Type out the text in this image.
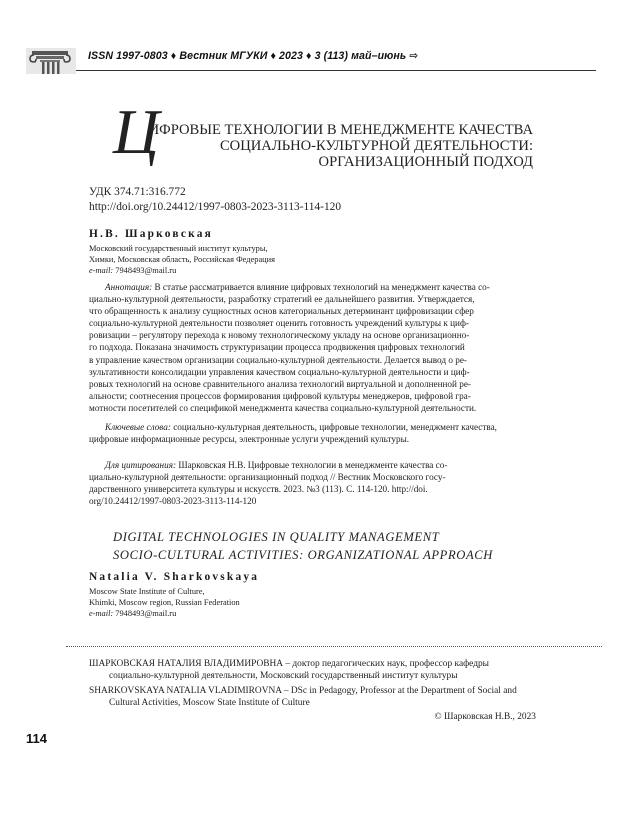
ISSN 1997-0803 ♦ Вестник МГУКИ ♦ 2023 ♦ 3 (113) май–июнь ⇨
Ц
ИФРОВЫЕ ТЕХНОЛОГИИ В МЕНЕДЖМЕНТЕ КАЧЕСТВА
СОЦИАЛЬНО-КУЛЬТУРНОЙ ДЕЯТЕЛЬНОСТИ:
ОРГАНИЗАЦИОННЫЙ ПОДХОД
УДК 374.71:316.772
http://doi.org/10.24412/1997-0803-2023-3113-114-120
Н.В. Шарковская
Московский государственный институт культуры,
Химки, Московская область, Российская Федерация
e-mail: 7948493@mail.ru
Аннотация: В статье рассматривается влияние цифровых технологий на менеджмент качества со-
циально-культурной деятельности, разработку стратегий ее дальнейшего развития. Утверждается,
что обращенность к анализу сущностных основ категориальных детерминант цифровизации сфер
социально-культурной деятельности позволяет оценить готовность учреждений культуры к циф-
ровизации – регулятору перехода к новому технологическому укладу на основе организационно-
го подхода. Показана значимость структуризации процесса продвижения цифровых технологий
в управление качеством организации социально-культурной деятельности. Делается вывод о ре-
зультативности консолидации управления качеством социально-культурной деятельности и циф-
ровых технологий на основе сравнительного анализа технологий виртуальной и дополненной ре-
альности; соотнесения процессов формирования цифровой культуры менеджеров, цифровой гра-
мотности посетителей со спецификой менеджмента качества социально-культурной деятельности.
Ключевые слова: социально-культурная деятельность, цифровые технологии, менеджмент качества,
цифровые информационные ресурсы, электронные услуги учреждений культуры.
Для цитирования: Шарковская Н.В. Цифровые технологии в менеджменте качества со-
циально-культурной деятельности: организационный подход // Вестник Московского госу-
дарственного университета культуры и искусств. 2023. №3 (113). С. 114-120. http://doi.
org/10.24412/1997-0803-2023-3113-114-120
DIGITAL TECHNOLOGIES IN QUALITY MANAGEMENT
SOCIO-CULTURAL ACTIVITIES: ORGANIZATIONAL APPROACH
Natalia V. Sharkovskaya
Moscow State Institute of Culture,
Khimki, Moscow region, Russian Federation
e-mail: 7948493@mail.ru
ШАРКОВСКАЯ НАТАЛИЯ ВЛАДИМИРОВНА – доктор педагогических наук, профессор кафедры
социально-культурной деятельности, Московский государственный институт культуры
SHARKOVSKAYA NATALIA VLADIMIROVNA – DSc in Pedagogy, Professor at the Department of Social and
Cultural Activities, Moscow State Institute of Culture
© Шарковская Н.В., 2023
114
